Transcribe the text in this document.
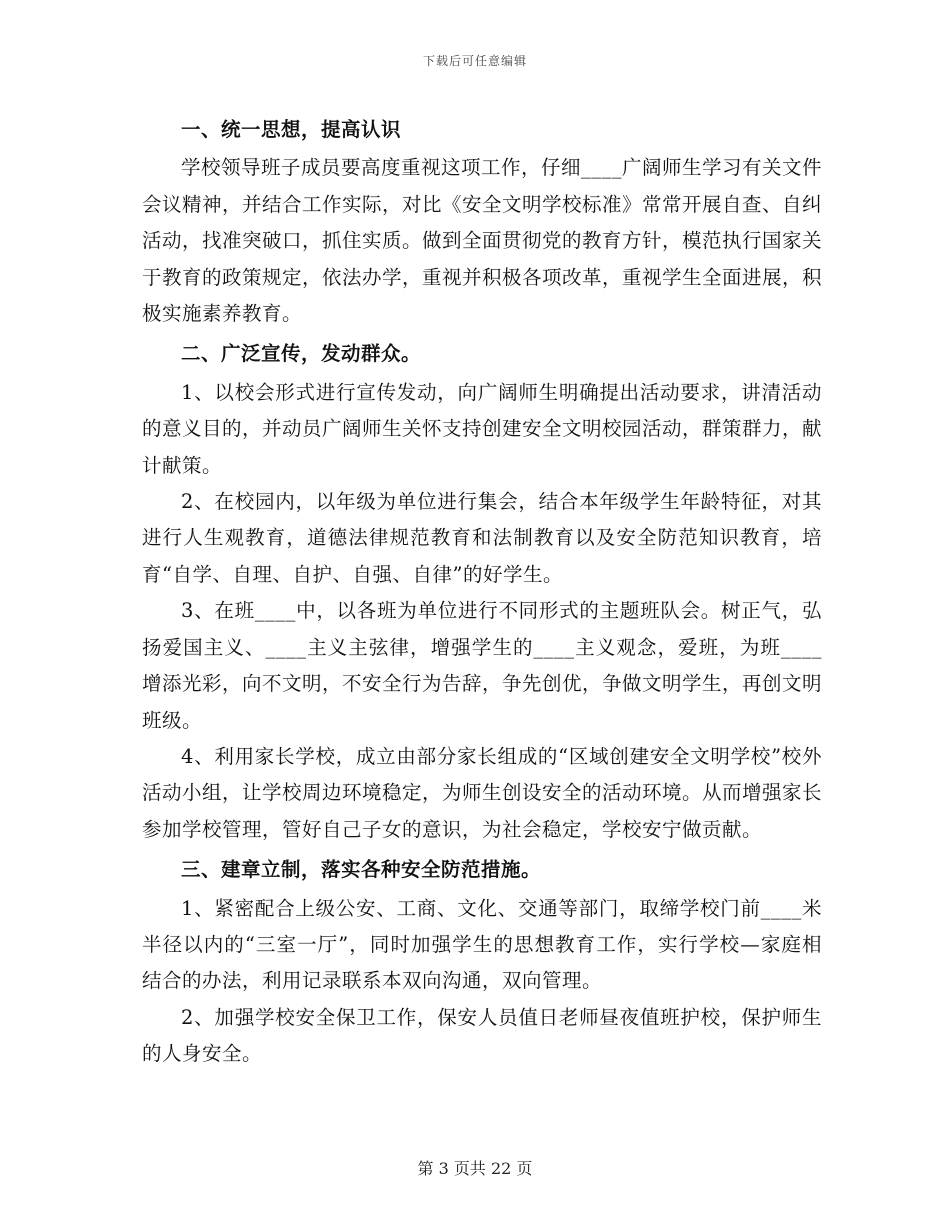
下载后可任意编辑

一、统一思想，提高认识

学校领导班子成员要高度重视这项工作，仔细____广阔师生学习有关文件会议精神，并结合工作实际，对比《安全文明学校标准》常常开展自查、自纠活动，找准突破口，抓住实质。做到全面贯彻党的教育方针，模范执行国家关于教育的政策规定，依法办学，重视并积极各项改革，重视学生全面进展，积极实施素养教育。

二、广泛宣传，发动群众。

1、以校会形式进行宣传发动，向广阔师生明确提出活动要求，讲清活动的意义目的，并动员广阔师生关怀支持创建安全文明校园活动，群策群力，献计献策。

2、在校园内，以年级为单位进行集会，结合本年级学生年龄特征，对其进行人生观教育，道德法律规范教育和法制教育以及安全防范知识教育，培育“自学、自理、自护、自强、自律”的好学生。

3、在班____中，以各班为单位进行不同形式的主题班队会。树正气，弘扬爱国主义、____主义主弦律，增强学生的____主义观念，爱班，为班____增添光彩，向不文明，不安全行为告辞，争先创优，争做文明学生，再创文明班级。

4、利用家长学校，成立由部分家长组成的“区域创建安全文明学校”校外活动小组，让学校周边环境稳定，为师生创设安全的活动环境。从而增强家长参加学校管理，管好自己子女的意识，为社会稳定，学校安宁做贡献。

三、建章立制，落实各种安全防范措施。

1、紧密配合上级公安、工商、文化、交通等部门，取缔学校门前____米半径以内的“三室一厅”，同时加强学生的思想教育工作，实行学校—家庭相结合的办法，利用记录联系本双向沟通，双向管理。

2、加强学校安全保卫工作，保安人员值日老师昼夜值班护校，保护师生的人身安全。

第 3 页共 22 页
